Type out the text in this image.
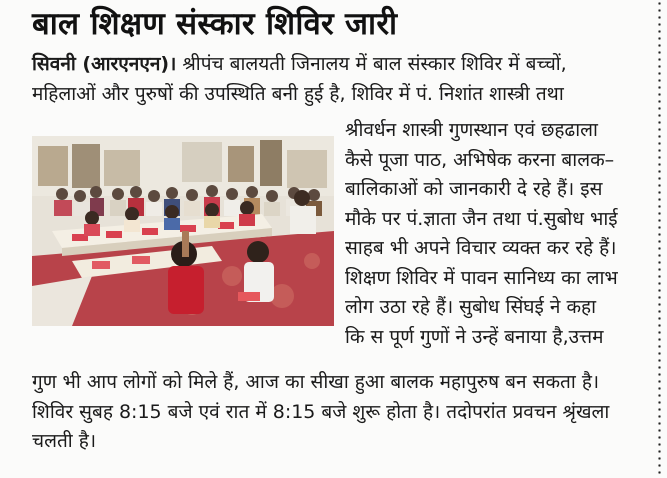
बाल शिक्षण संस्कार शिविर जारी
सिवनी (आरएनएन)। श्रीपंच बालयती जिनालय में बाल संस्कार शिविर में बच्चों,
महिलाओं और पुरुषों की उपस्थिति बनी हुई है, शिविर में पं. निशांत शास्त्री तथा
श्रीवर्धन शास्त्री गुणस्थान एवं छहढाला
कैसे पूजा पाठ, अभिषेक करना बालक–
बालिकाओं को जानकारी दे रहे हैं। इस
मौके पर पं.ज्ञाता जैन तथा पं.सुबोध भाई
साहब भी अपने विचार व्यक्त कर रहे हैं।
शिक्षण शिविर में पावन सानिध्य का लाभ
लोग उठा रहे हैं। सुबोध सिंघई ने कहा
कि स पूर्ण गुणों ने उन्हें बनाया है,उत्तम
गुण भी आप लोगों को मिले हैं, आज का सीखा हुआ बालक महापुरुष बन सकता है।
शिविर सुबह 8:15 बजे एवं रात में 8:15 बजे शुरू होता है। तदोपरांत प्रवचन श्रृंखला
चलती है।
